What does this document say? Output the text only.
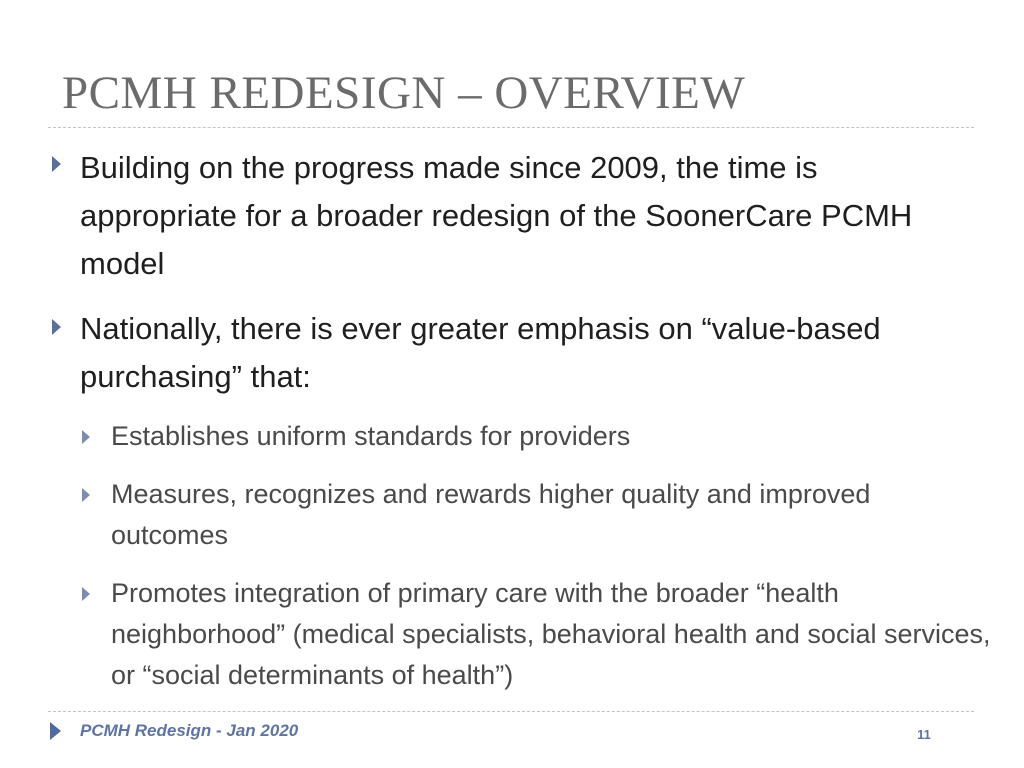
PCMH REDESIGN – OVERVIEW
Building on the progress made since 2009, the time is appropriate for a broader redesign of the SoonerCare PCMH model
Nationally, there is ever greater emphasis on “value-based purchasing” that:
Establishes uniform standards for providers
Measures, recognizes and rewards higher quality and improved outcomes
Promotes integration of primary care with the broader “health neighborhood” (medical specialists, behavioral health and social services, or “social determinants of health”)
PCMH Redesign - Jan 2020	11
